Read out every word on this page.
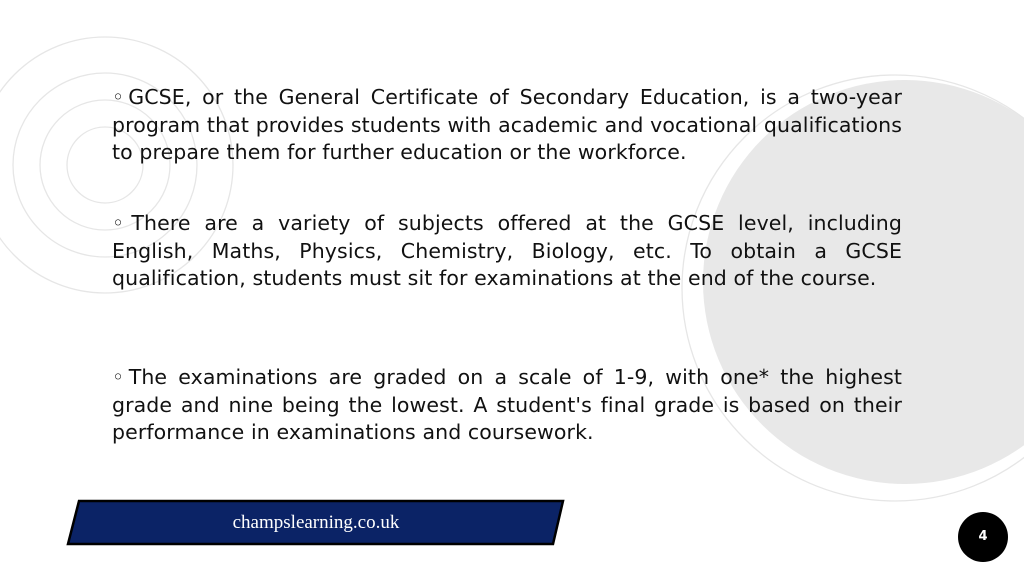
◦GCSE, or the General Certificate of Secondary Education, is a two-year program that provides students with academic and vocational qualifications to prepare them for further education or the workforce.

◦There are a variety of subjects offered at the GCSE level, including English, Maths, Physics, Chemistry, Biology, etc. To obtain a GCSE qualification, students must sit for examinations at the end of the course.

◦The examinations are graded on a scale of 1-9, with one* the highest grade and nine being the lowest. A student's final grade is based on their performance in examinations and coursework.

champslearning.co.uk
4
